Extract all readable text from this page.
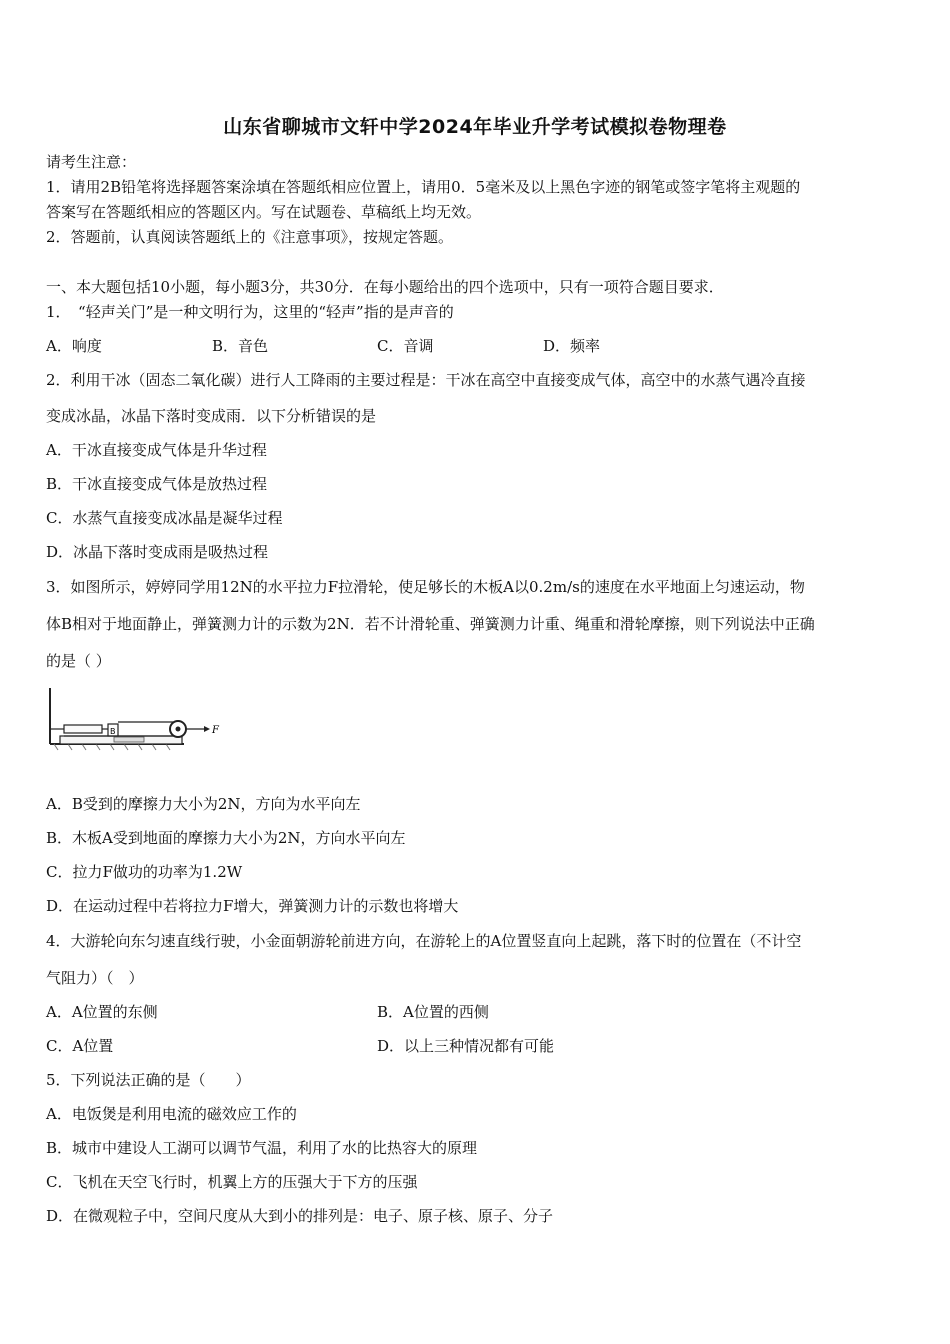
山东省聊城市文轩中学2024年毕业升学考试模拟卷物理卷
请考生注意：
1．请用2B铅笔将选择题答案涂填在答题纸相应位置上，请用0．5毫米及以上黑色字迹的钢笔或签字笔将主观题的
答案写在答题纸相应的答题区内。写在试题卷、草稿纸上均无效。
2．答题前，认真阅读答题纸上的《注意事项》，按规定答题。
一、本大题包括10小题，每小题3分，共30分．在每小题给出的四个选项中，只有一项符合题目要求．
1．　“轻声关门”是一种文明行为，这里的“轻声”指的是声音的
A．响度	B．音色	C．音调	D．频率
2．利用干冰（固态二氧化碳）进行人工降雨的主要过程是：干冰在高空中直接变成气体，高空中的水蒸气遇冷直接
变成冰晶，冰晶下落时变成雨．以下分析错误的是
A．干冰直接变成气体是升华过程
B．干冰直接变成气体是放热过程
C．水蒸气直接变成冰晶是凝华过程
D．冰晶下落时变成雨是吸热过程
3．如图所示，婷婷同学用12N的水平拉力F拉滑轮，使足够长的木板A以0.2m/s的速度在水平地面上匀速运动，物
体B相对于地面静止，弹簧测力计的示数为2N．若不计滑轮重、弹簧测力计重、绳重和滑轮摩擦，则下列说法中正确
的是（ ）
B	F
A．B受到的摩擦力大小为2N，方向为水平向左
B．木板A受到地面的摩擦力大小为2N，方向水平向左
C．拉力F做功的功率为1.2W
D．在运动过程中若将拉力F增大，弹簧测力计的示数也将增大
4．大游轮向东匀速直线行驶，小金面朝游轮前进方向，在游轮上的A位置竖直向上起跳，落下时的位置在（不计空
气阻力）（　）
A．A位置的东侧	B．A位置的西侧
C．A位置	D．以上三种情况都有可能
5．下列说法正确的是（　　）
A．电饭煲是利用电流的磁效应工作的
B．城市中建设人工湖可以调节气温，利用了水的比热容大的原理
C．飞机在天空飞行时，机翼上方的压强大于下方的压强
D．在微观粒子中，空间尺度从大到小的排列是：电子、原子核、原子、分子
